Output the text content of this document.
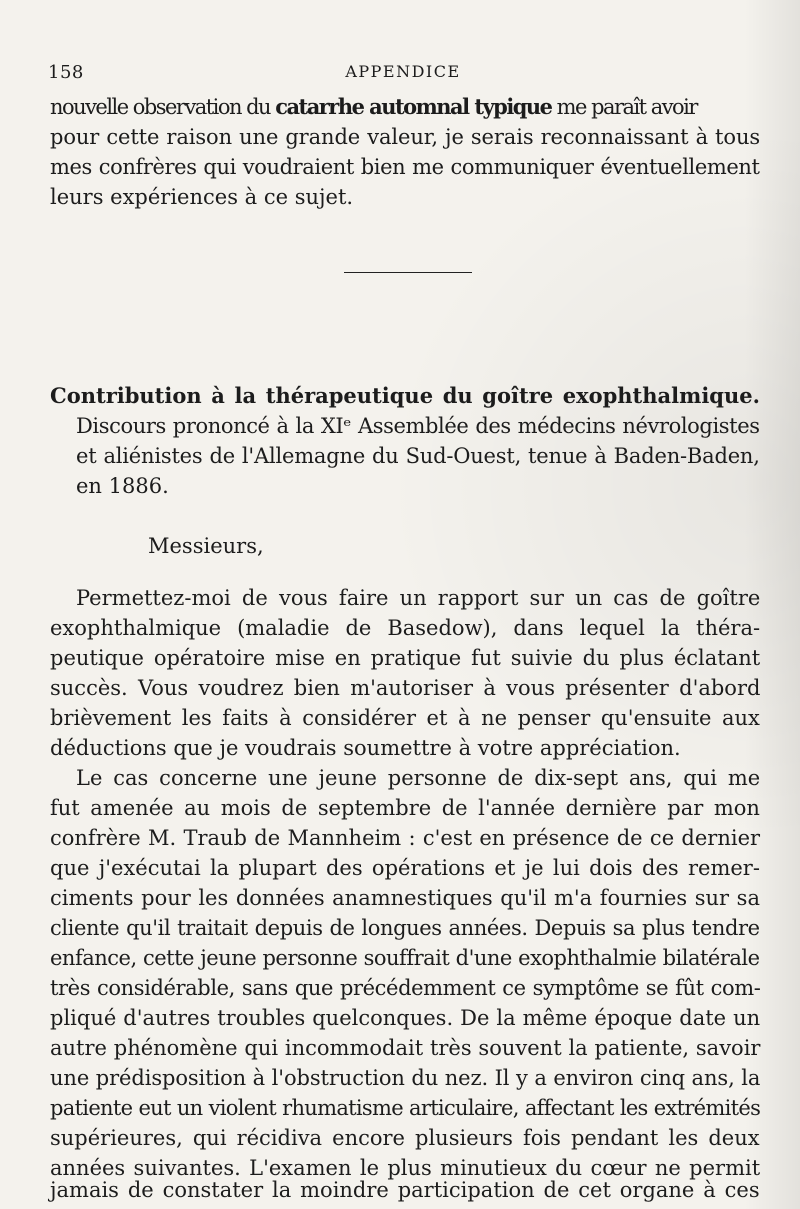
158	APPENDICE
nouvelle observation du catarrhe automnal typique me paraît avoir
pour cette raison une grande valeur, je serais reconnaissant à tous
mes confrères qui voudraient bien me communiquer éventuellement
leurs expériences à ce sujet.
Contribution à la thérapeutique du goître exophthalmique.
Discours prononcé à la XIᵉ Assemblée des médecins névrologistes
et aliénistes de l'Allemagne du Sud-Ouest, tenue à Baden-Baden,
en 1886.
Messieurs,
Permettez-moi de vous faire un rapport sur un cas de goître
exophthalmique (maladie de Basedow), dans lequel la théra-
peutique opératoire mise en pratique fut suivie du plus éclatant
succès. Vous voudrez bien m'autoriser à vous présenter d'abord
brièvement les faits à considérer et à ne penser qu'ensuite aux
déductions que je voudrais soumettre à votre appréciation.
Le cas concerne une jeune personne de dix-sept ans, qui me
fut amenée au mois de septembre de l'année dernière par mon
confrère M. Traub de Mannheim : c'est en présence de ce dernier
que j'exécutai la plupart des opérations et je lui dois des remer-
ciments pour les données anamnestiques qu'il m'a fournies sur sa
cliente qu'il traitait depuis de longues années. Depuis sa plus tendre
enfance, cette jeune personne souffrait d'une exophthalmie bilatérale
très considérable, sans que précédemment ce symptôme se fût com-
pliqué d'autres troubles quelconques. De la même époque date un
autre phénomène qui incommodait très souvent la patiente, savoir
une prédisposition à l'obstruction du nez. Il y a environ cinq ans, la
patiente eut un violent rhumatisme articulaire, affectant les extrémités
supérieures, qui récidiva encore plusieurs fois pendant les deux
années suivantes. L'examen le plus minutieux du cœur ne permit
jamais de constater la moindre participation de cet organe à ces
